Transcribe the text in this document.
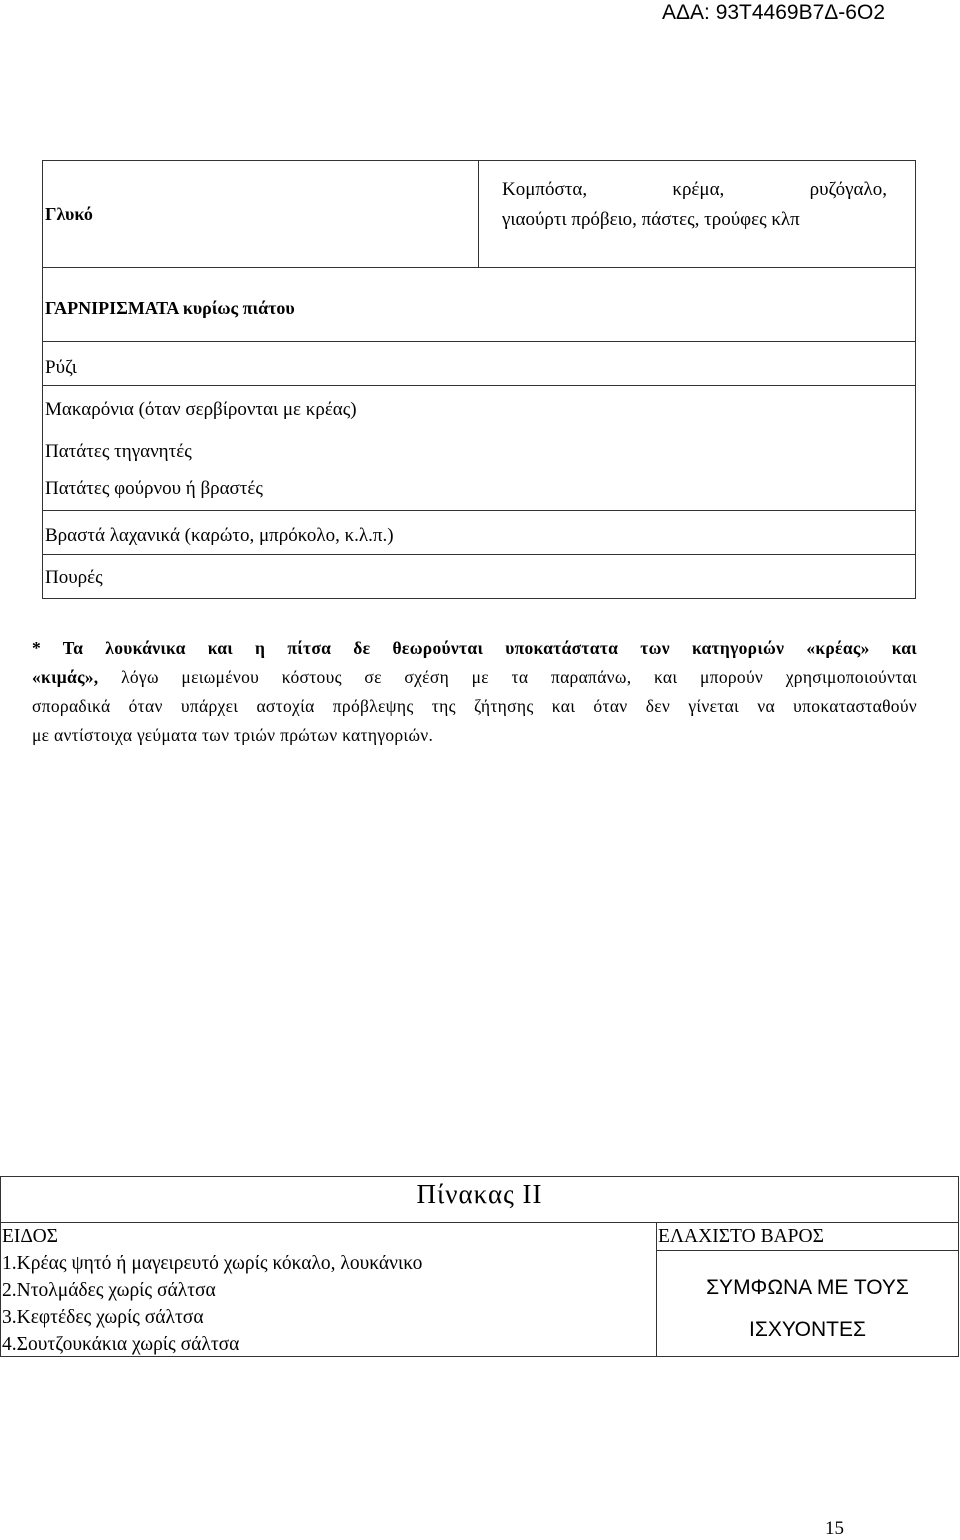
ΑΔΑ: 93Τ4469Β7Δ-6Ο2
Γλυκό
Κομπόστα,	κρέμα,	ρυζόγαλο,
γιαούρτι πρόβειο, πάστες, τρούφες κλπ
ΓΑΡΝΙΡΙΣΜΑΤΑ κυρίως πιάτου
Ρύζι
Μακαρόνια (όταν σερβίρονται με κρέας)
Πατάτες τηγανητές
Πατάτες φούρνου ή βραστές
Βραστά λαχανικά (καρώτο, μπρόκολο, κ.λ.π.)
Πουρές

* Τα λουκάνικα και η πίτσα δε θεωρούνται υποκατάστατα των κατηγοριών «κρέας» και

«κιμάς», λόγω μειωμένου κόστους σε σχέση με τα παραπάνω, και μπορούν χρησιμοποιούνται

σποραδικά όταν υπάρχει αστοχία πρόβλεψης της ζήτησης και όταν δεν γίνεται να υποκατασταθούν

με αντίστοιχα γεύματα των τριών πρώτων κατηγοριών.

Πίνακας ΙΙ
ΕΙΔΟΣ
1.Κρέας ψητό ή μαγειρευτό χωρίς κόκαλο, λουκάνικο
2.Ντολμάδες χωρίς σάλτσα
3.Κεφτέδες χωρίς σάλτσα
4.Σουτζουκάκια χωρίς σάλτσα
ΕΛΑΧΙΣΤΟ ΒΑΡΟΣ
ΣΥΜΦΩΝΑ ΜΕ ΤΟΥΣ
ΙΣΧΥΟΝΤΕΣ
15
